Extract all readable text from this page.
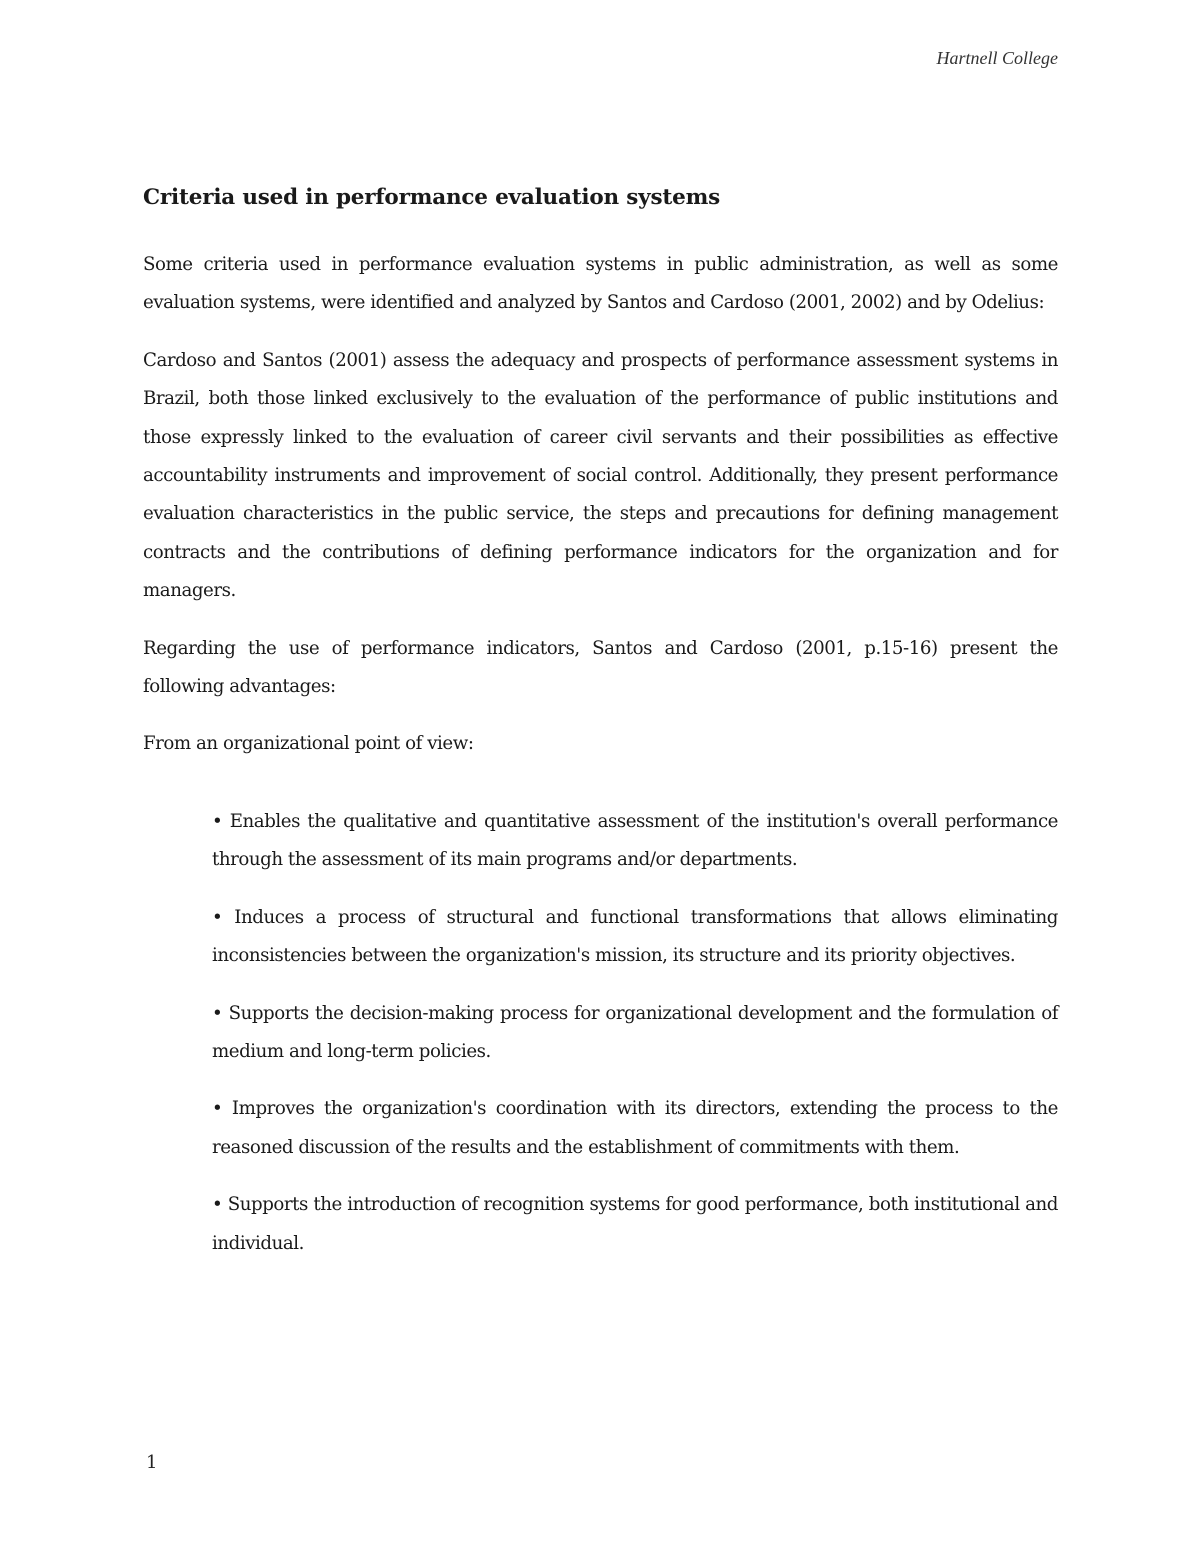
Hartnell College
Criteria used in performance evaluation systems

Some criteria used in performance evaluation systems in public administration, as well as some evaluation systems, were identified and analyzed by Santos and Cardoso (2001, 2002) and by Odelius:

Cardoso and Santos (2001) assess the adequacy and prospects of performance assessment systems in Brazil, both those linked exclusively to the evaluation of the performance of public institutions and those expressly linked to the evaluation of career civil servants and their possibilities as effective accountability instruments and improvement of social control. Additionally, they present performance evaluation characteristics in the public service, the steps and precautions for defining management contracts and the contributions of defining performance indicators for the organization and for managers.

Regarding the use of performance indicators, Santos and Cardoso (2001, p.15-16) present the following advantages:

From an organizational point of view:

• Enables the qualitative and quantitative assessment of the institution's overall performance through the assessment of its main programs and/or departments.

• Induces a process of structural and functional transformations that allows eliminating inconsistencies between the organization's mission, its structure and its priority objectives.

• Supports the decision-making process for organizational development and the formulation of medium and long-term policies.

• Improves the organization's coordination with its directors, extending the process to the reasoned discussion of the results and the establishment of commitments with them.

• Supports the introduction of recognition systems for good performance, both institutional and individual.

1
